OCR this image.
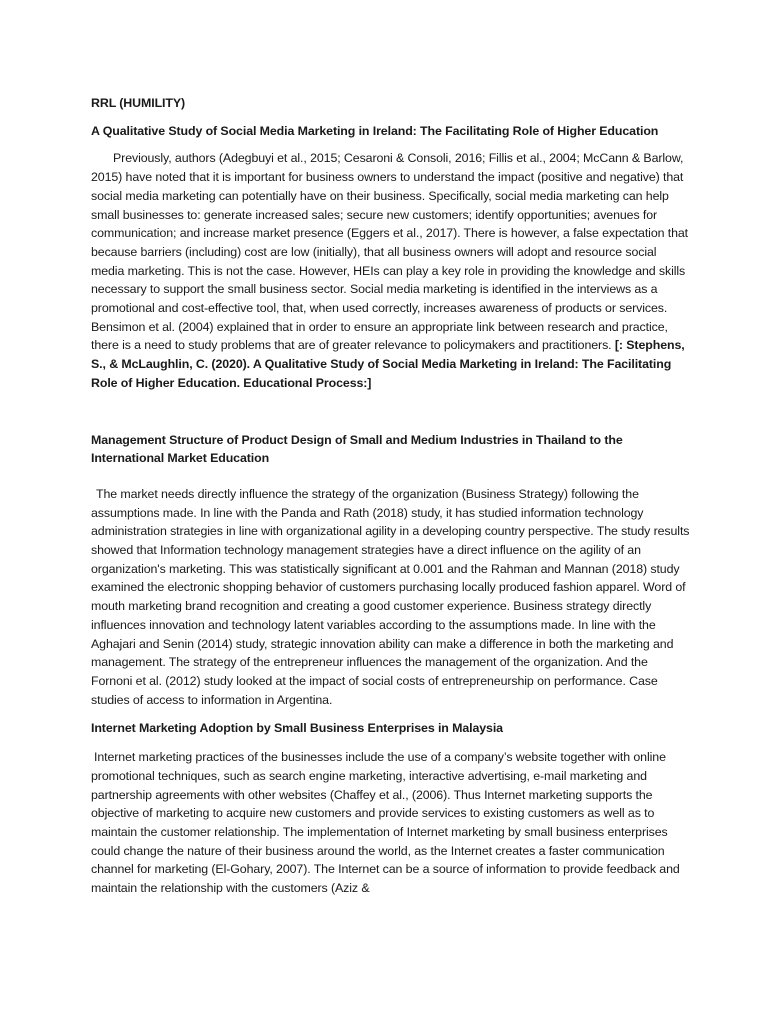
RRL (HUMILITY)

A Qualitative Study of Social Media Marketing in Ireland: The Facilitating Role of Higher Education

Previously, authors (Adegbuyi et al., 2015; Cesaroni & Consoli, 2016; Fillis et al., 2004; McCann & Barlow, 2015) have noted that it is important for business owners to understand the impact (positive and negative) that social media marketing can potentially have on their business. Specifically, social media marketing can help small businesses to: generate increased sales; secure new customers; identify opportunities; avenues for communication; and increase market presence (Eggers et al., 2017). There is however, a false expectation that because barriers (including) cost are low (initially), that all business owners will adopt and resource social media marketing. This is not the case. However, HEIs can play a key role in providing the knowledge and skills necessary to support the small business sector. Social media marketing is identified in the interviews as a promotional and cost-effective tool, that, when used correctly, increases awareness of products or services. Bensimon et al. (2004) explained that in order to ensure an appropriate link between research and practice, there is a need to study problems that are of greater relevance to policymakers and practitioners. [: Stephens, S., & McLaughlin, C. (2020). A Qualitative Study of Social Media Marketing in Ireland: The Facilitating Role of Higher Education. Educational Process:]

Management Structure of Product Design of Small and Medium Industries in Thailand to the International Market Education

The market needs directly influence the strategy of the organization (Business Strategy) following the assumptions made. In line with the Panda and Rath (2018) study, it has studied information technology administration strategies in line with organizational agility in a developing country perspective. The study results showed that Information technology management strategies have a direct influence on the agility of an organization's marketing. This was statistically significant at 0.001 and the Rahman and Mannan (2018) study examined the electronic shopping behavior of customers purchasing locally produced fashion apparel. Word of mouth marketing brand recognition and creating a good customer experience. Business strategy directly influences innovation and technology latent variables according to the assumptions made. In line with the Aghajari and Senin (2014) study, strategic innovation ability can make a difference in both the marketing and management. The strategy of the entrepreneur influences the management of the organization. And the Fornoni et al. (2012) study looked at the impact of social costs of entrepreneurship on performance. Case studies of access to information in Argentina.

Internet Marketing Adoption by Small Business Enterprises in Malaysia

Internet marketing practices of the businesses include the use of a company’s website together with online promotional techniques, such as search engine marketing, interactive advertising, e-mail marketing and partnership agreements with other websites (Chaffey et al., (2006). Thus Internet marketing supports the objective of marketing to acquire new customers and provide services to existing customers as well as to maintain the customer relationship. The implementation of Internet marketing by small business enterprises could change the nature of their business around the world, as the Internet creates a faster communication channel for marketing (El-Gohary, 2007). The Internet can be a source of information to provide feedback and maintain the relationship with the customers (Aziz &
